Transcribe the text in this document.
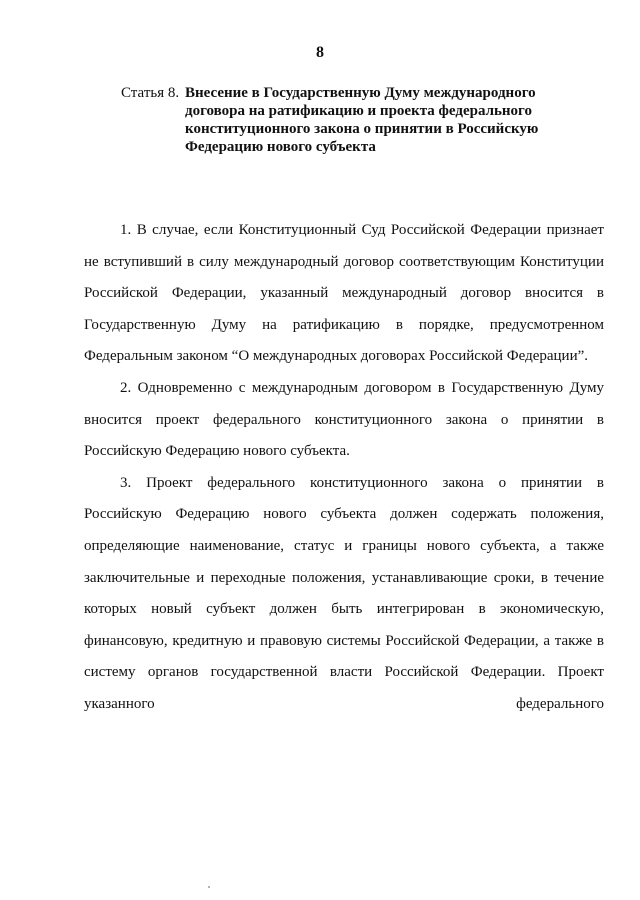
8
Статья 8. Внесение в Государственную Думу международного
договора на ратификацию и проекта федерального
конституционного закона о принятии в Российскую
Федерацию нового субъекта

1. В случае, если Конституционный Суд Российской Федерации признает не вступивший в силу международный договор соответствующим Конституции Российской Федерации, указанный международный договор вносится в Государственную Думу на ратификацию в порядке, предусмотренном Федеральным законом “О международных договорах Российской Федерации”.

2. Одновременно с международным договором в Государственную Думу вносится проект федерального конституционного закона о принятии в Российскую Федерацию нового субъекта.

3. Проект федерального конституционного закона о принятии в Российскую Федерацию нового субъекта должен содержать положения, определяющие наименование, статус и границы нового субъекта, а также заключительные и переходные положения, устанавливающие сроки, в течение которых новый субъект должен быть интегрирован в экономическую, финансовую, кредитную и правовую системы Российской Федерации, а также в систему органов государственной власти Российской Федерации. Проект указанного федерального
